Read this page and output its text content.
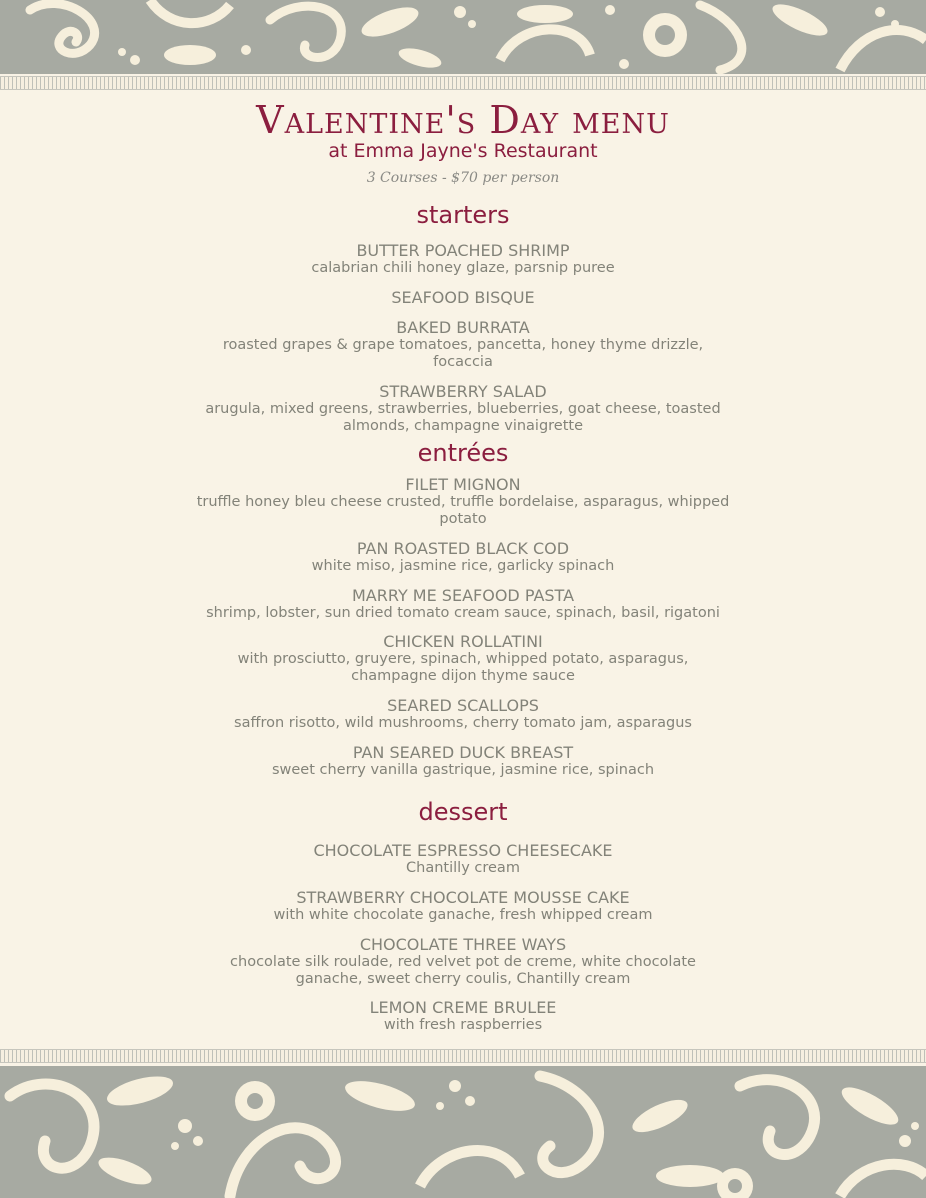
Valentine's Day menu
at Emma Jayne's Restaurant
3 Courses - $70 per person
starters
BUTTER POACHED SHRIMP
calabrian chili honey glaze, parsnip puree
SEAFOOD BISQUE
BAKED BURRATA
roasted grapes & grape tomatoes, pancetta, honey thyme drizzle, focaccia
STRAWBERRY SALAD
arugula, mixed greens, strawberries, blueberries, goat cheese, toasted almonds, champagne vinaigrette
entrées
FILET MIGNON
truffle honey bleu cheese crusted, truffle bordelaise, asparagus, whipped potato
PAN ROASTED BLACK COD
white miso, jasmine rice, garlicky spinach
MARRY ME SEAFOOD PASTA
shrimp, lobster, sun dried tomato cream sauce, spinach, basil, rigatoni
CHICKEN ROLLATINI
with prosciutto, gruyere, spinach, whipped potato, asparagus, champagne dijon thyme sauce
SEARED SCALLOPS
saffron risotto, wild mushrooms, cherry tomato jam, asparagus
PAN SEARED DUCK BREAST
sweet cherry vanilla gastrique, jasmine rice, spinach
dessert
CHOCOLATE ESPRESSO CHEESECAKE
Chantilly cream
STRAWBERRY CHOCOLATE MOUSSE CAKE
with white chocolate ganache, fresh whipped cream
CHOCOLATE THREE WAYS
chocolate silk roulade, red velvet pot de creme, white chocolate ganache, sweet cherry coulis, Chantilly cream
LEMON CREME BRULEE
with fresh raspberries
